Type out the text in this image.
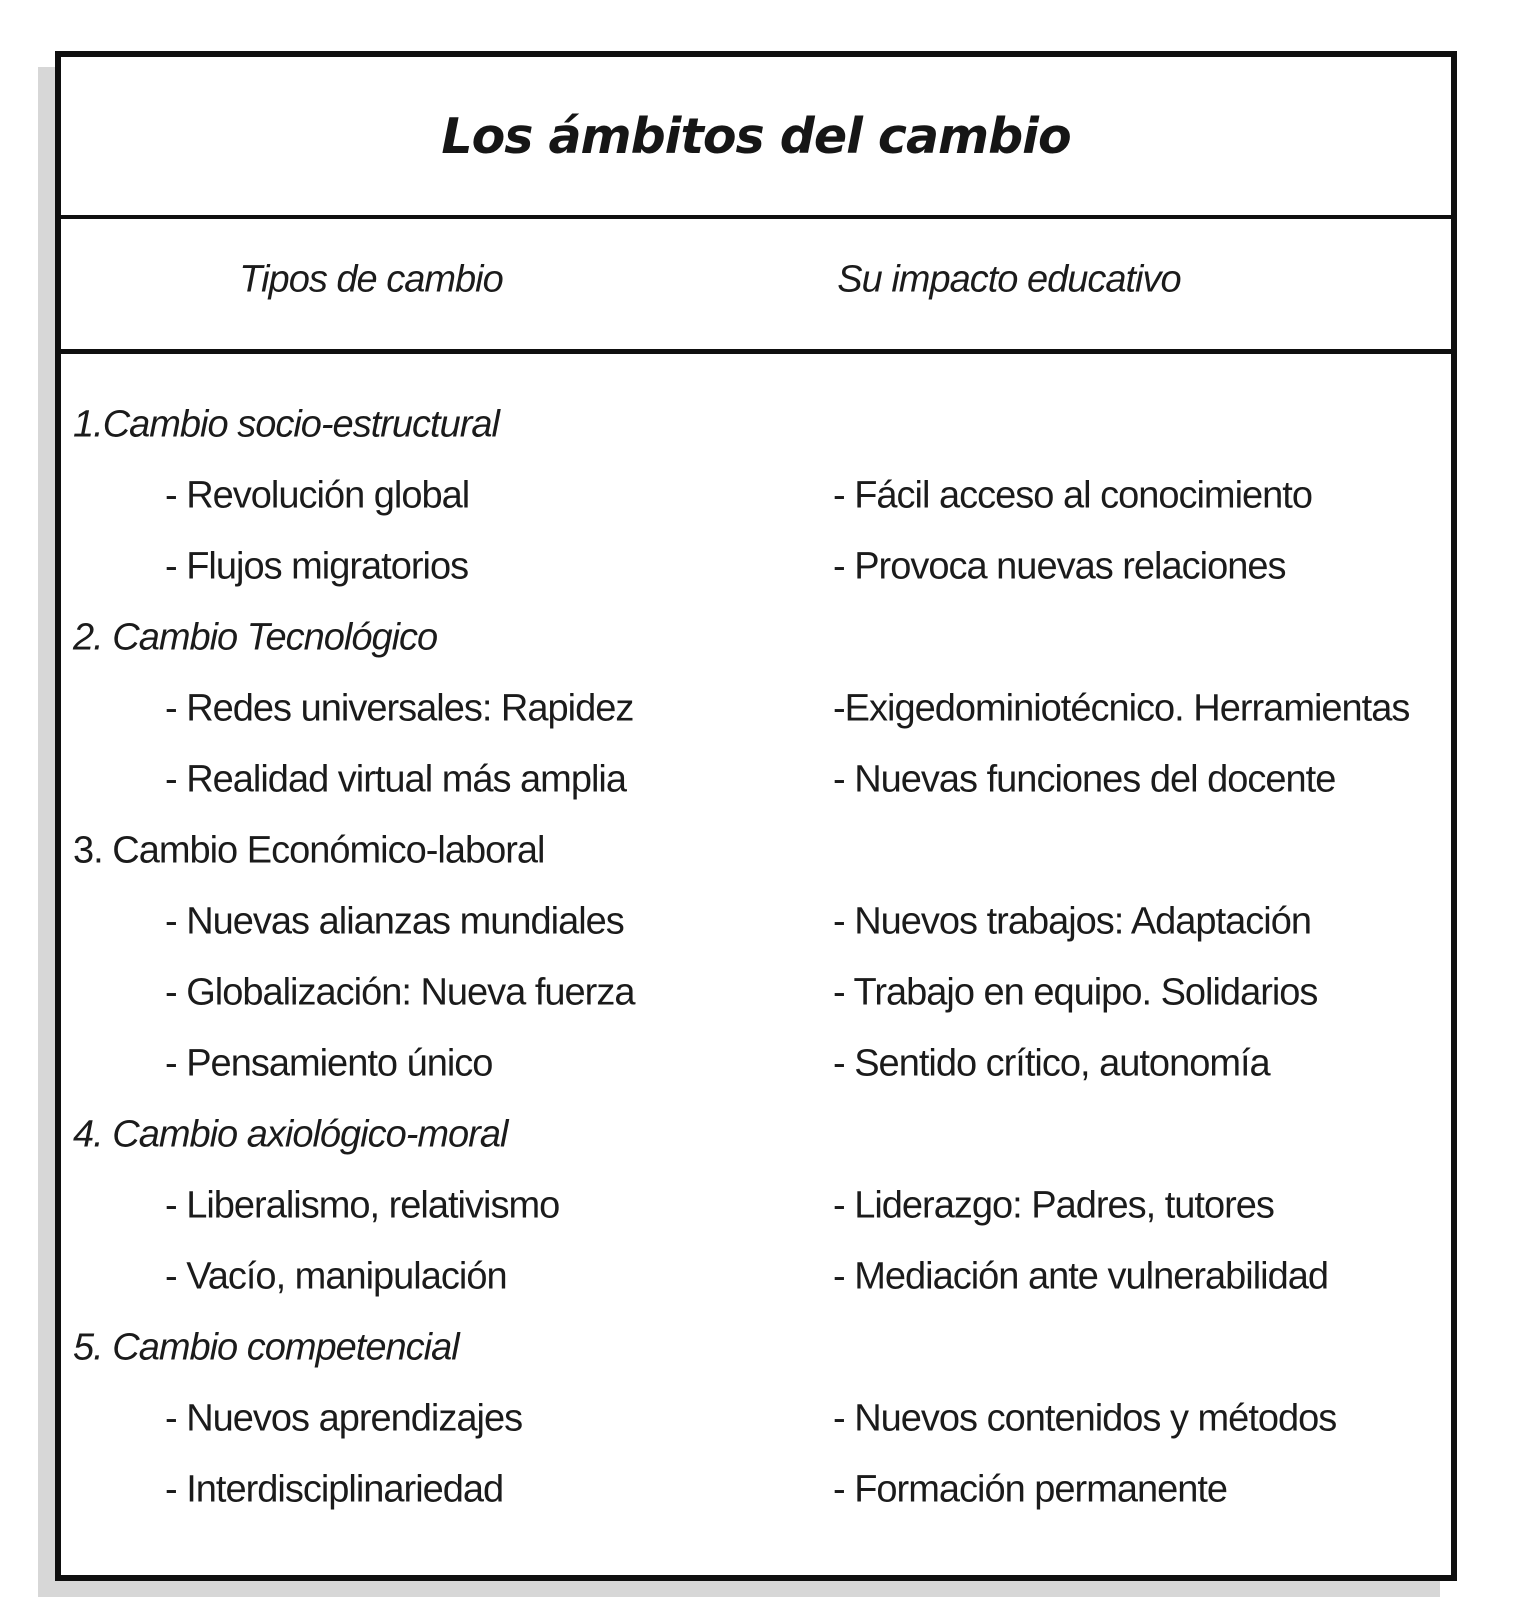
Los ámbitos del cambio
Tipos de cambio	Su impacto educativo
1.Cambio socio-estructural
- Revolución global	- Fácil acceso al conocimiento
- Flujos migratorios	- Provoca nuevas relaciones
2. Cambio Tecnológico
- Redes universales: Rapidez	-Exigedominiotécnico. Herramientas
- Realidad virtual más amplia	- Nuevas funciones del docente
3. Cambio Económico-laboral
- Nuevas alianzas mundiales	- Nuevos trabajos: Adaptación
- Globalización: Nueva fuerza	- Trabajo en equipo. Solidarios
- Pensamiento único	- Sentido crítico, autonomía
4. Cambio axiológico-moral
- Liberalismo, relativismo	- Liderazgo: Padres, tutores
- Vacío, manipulación	- Mediación ante vulnerabilidad
5. Cambio competencial
- Nuevos aprendizajes	- Nuevos contenidos y métodos
- Interdisciplinariedad	- Formación permanente
